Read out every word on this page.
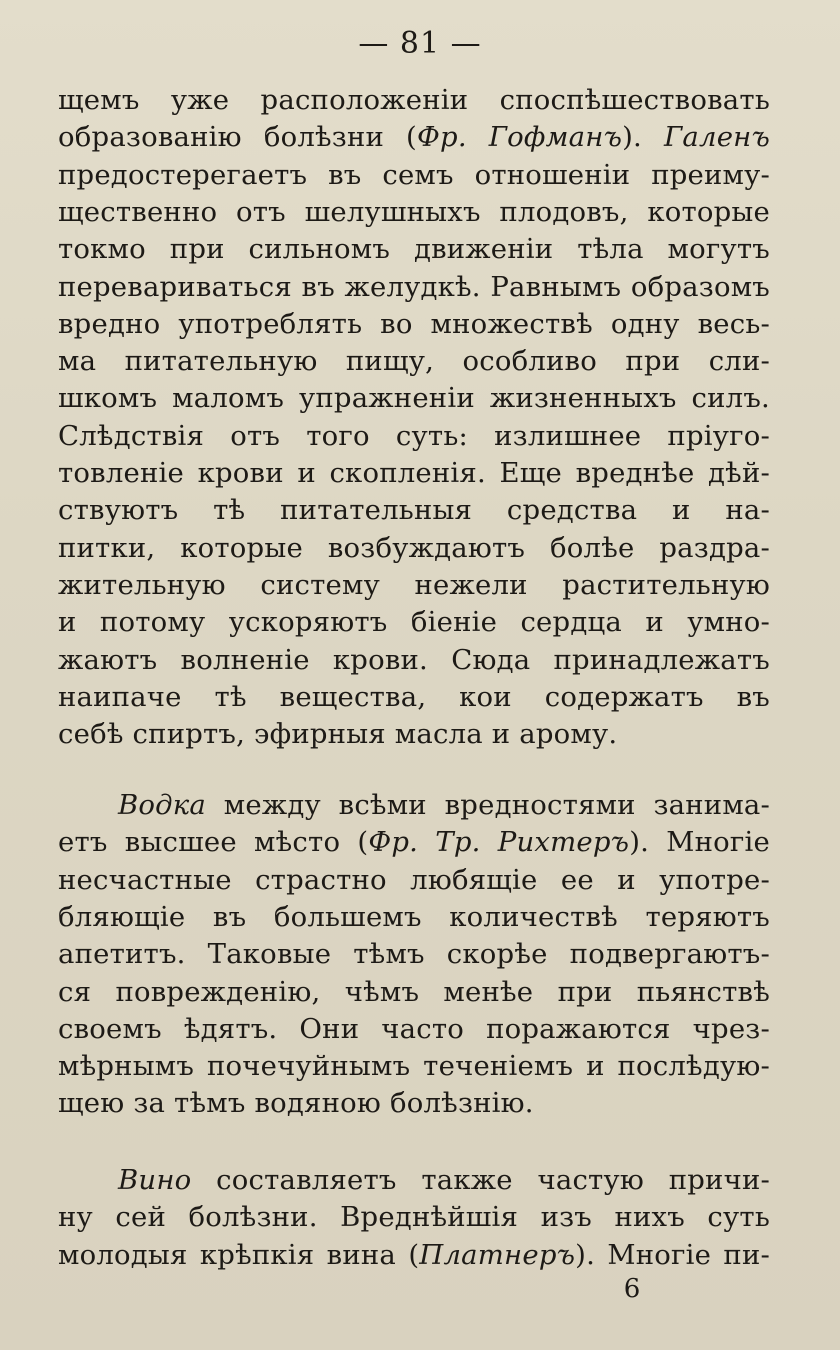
— 81 —
щемъ уже расположеніи споспѣшествовать
образованію болѣзни (Фр. Гофманъ). Галенъ
предостерегаетъ въ семъ отношеніи преиму-
щественно отъ шелушныхъ плодовъ, которые
токмо при сильномъ движеніи тѣла могутъ
перевариваться въ желудкѣ. Равнымъ образомъ
вредно употреблять во множествѣ одну весь-
ма питательную пищу, особливо при сли-
шкомъ маломъ упражненіи жизненныхъ силъ.
Слѣдствія отъ того суть: излишнее пріуго-
товленіе крови и скопленія. Еще вреднѣе дѣй-
ствуютъ тѣ питательныя средства и на-
питки, которые возбуждаютъ болѣе раздра-
жительную систему нежели растительную
и потому ускоряютъ біеніе сердца и умно-
жаютъ волненіе крови. Сюда принадлежатъ
наипаче тѣ вещества, кои содержатъ въ
себѣ спиртъ, эфирныя масла и арому.
Водка между всѣми вредностями занима-
етъ высшее мѣсто (Фр. Тр. Рихтеръ). Многіе
несчастные страстно любящіе ее и употре-
бляющіе въ большемъ количествѣ теряютъ
апетитъ. Таковые тѣмъ скорѣе подвергаютъ-
ся поврежденію, чѣмъ менѣе при пьянствѣ
своемъ ѣдятъ. Они часто поражаются чрез-
мѣрнымъ почечуйнымъ теченіемъ и послѣдую-
щею за тѣмъ водяною болѣзнію.
Вино составляетъ также частую причи-
ну сей болѣзни. Вреднѣйшія изъ нихъ суть
молодыя крѣпкія вина (Платнеръ). Многіе пи-
6
